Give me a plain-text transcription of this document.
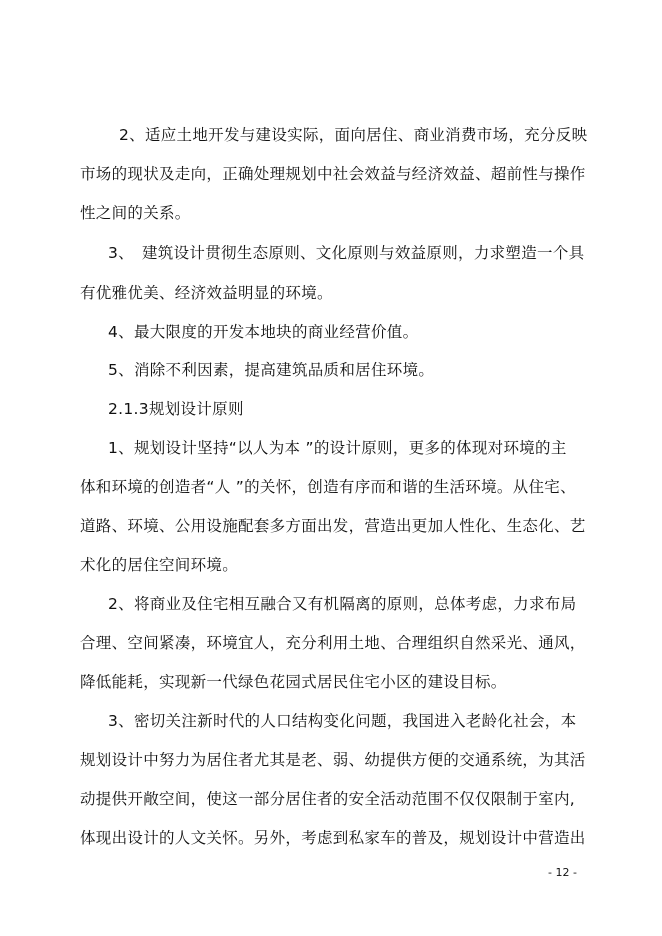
2、适应土地开发与建设实际，面向居住、商业消费市场，充分反映
市场的现状及走向，正确处理规划中社会效益与经济效益、超前性与操作
性之间的关系。
3、　建筑设计贯彻生态原则、文化原则与效益原则，力求塑造一个具
有优雅优美、经济效益明显的环境。
4、最大限度的开发本地块的商业经营价值。
5、消除不利因素，提高建筑品质和居住环境。
2.1.3规划设计原则
1、规划设计坚持“以人为本 ”的设计原则，更多的体现对环境的主
体和环境的创造者“人 ”的关怀，创造有序而和谐的生活环境。从住宅、
道路、环境、公用设施配套多方面出发，营造出更加人性化、生态化、艺
术化的居住空间环境。
2、将商业及住宅相互融合又有机隔离的原则，总体考虑，力求布局
合理、空间紧凑，环境宜人，充分利用土地、合理组织自然采光、通风，
降低能耗，实现新一代绿色花园式居民住宅小区的建设目标。
3、密切关注新时代的人口结构变化问题，我国进入老龄化社会，本
规划设计中努力为居住者尤其是老、弱、幼提供方便的交通系统，为其活
动提供开敞空间，使这一部分居住者的安全活动范围不仅仅限制于室内,
体现出设计的人文关怀。另外，考虑到私家车的普及，规划设计中营造出
- 12 -
